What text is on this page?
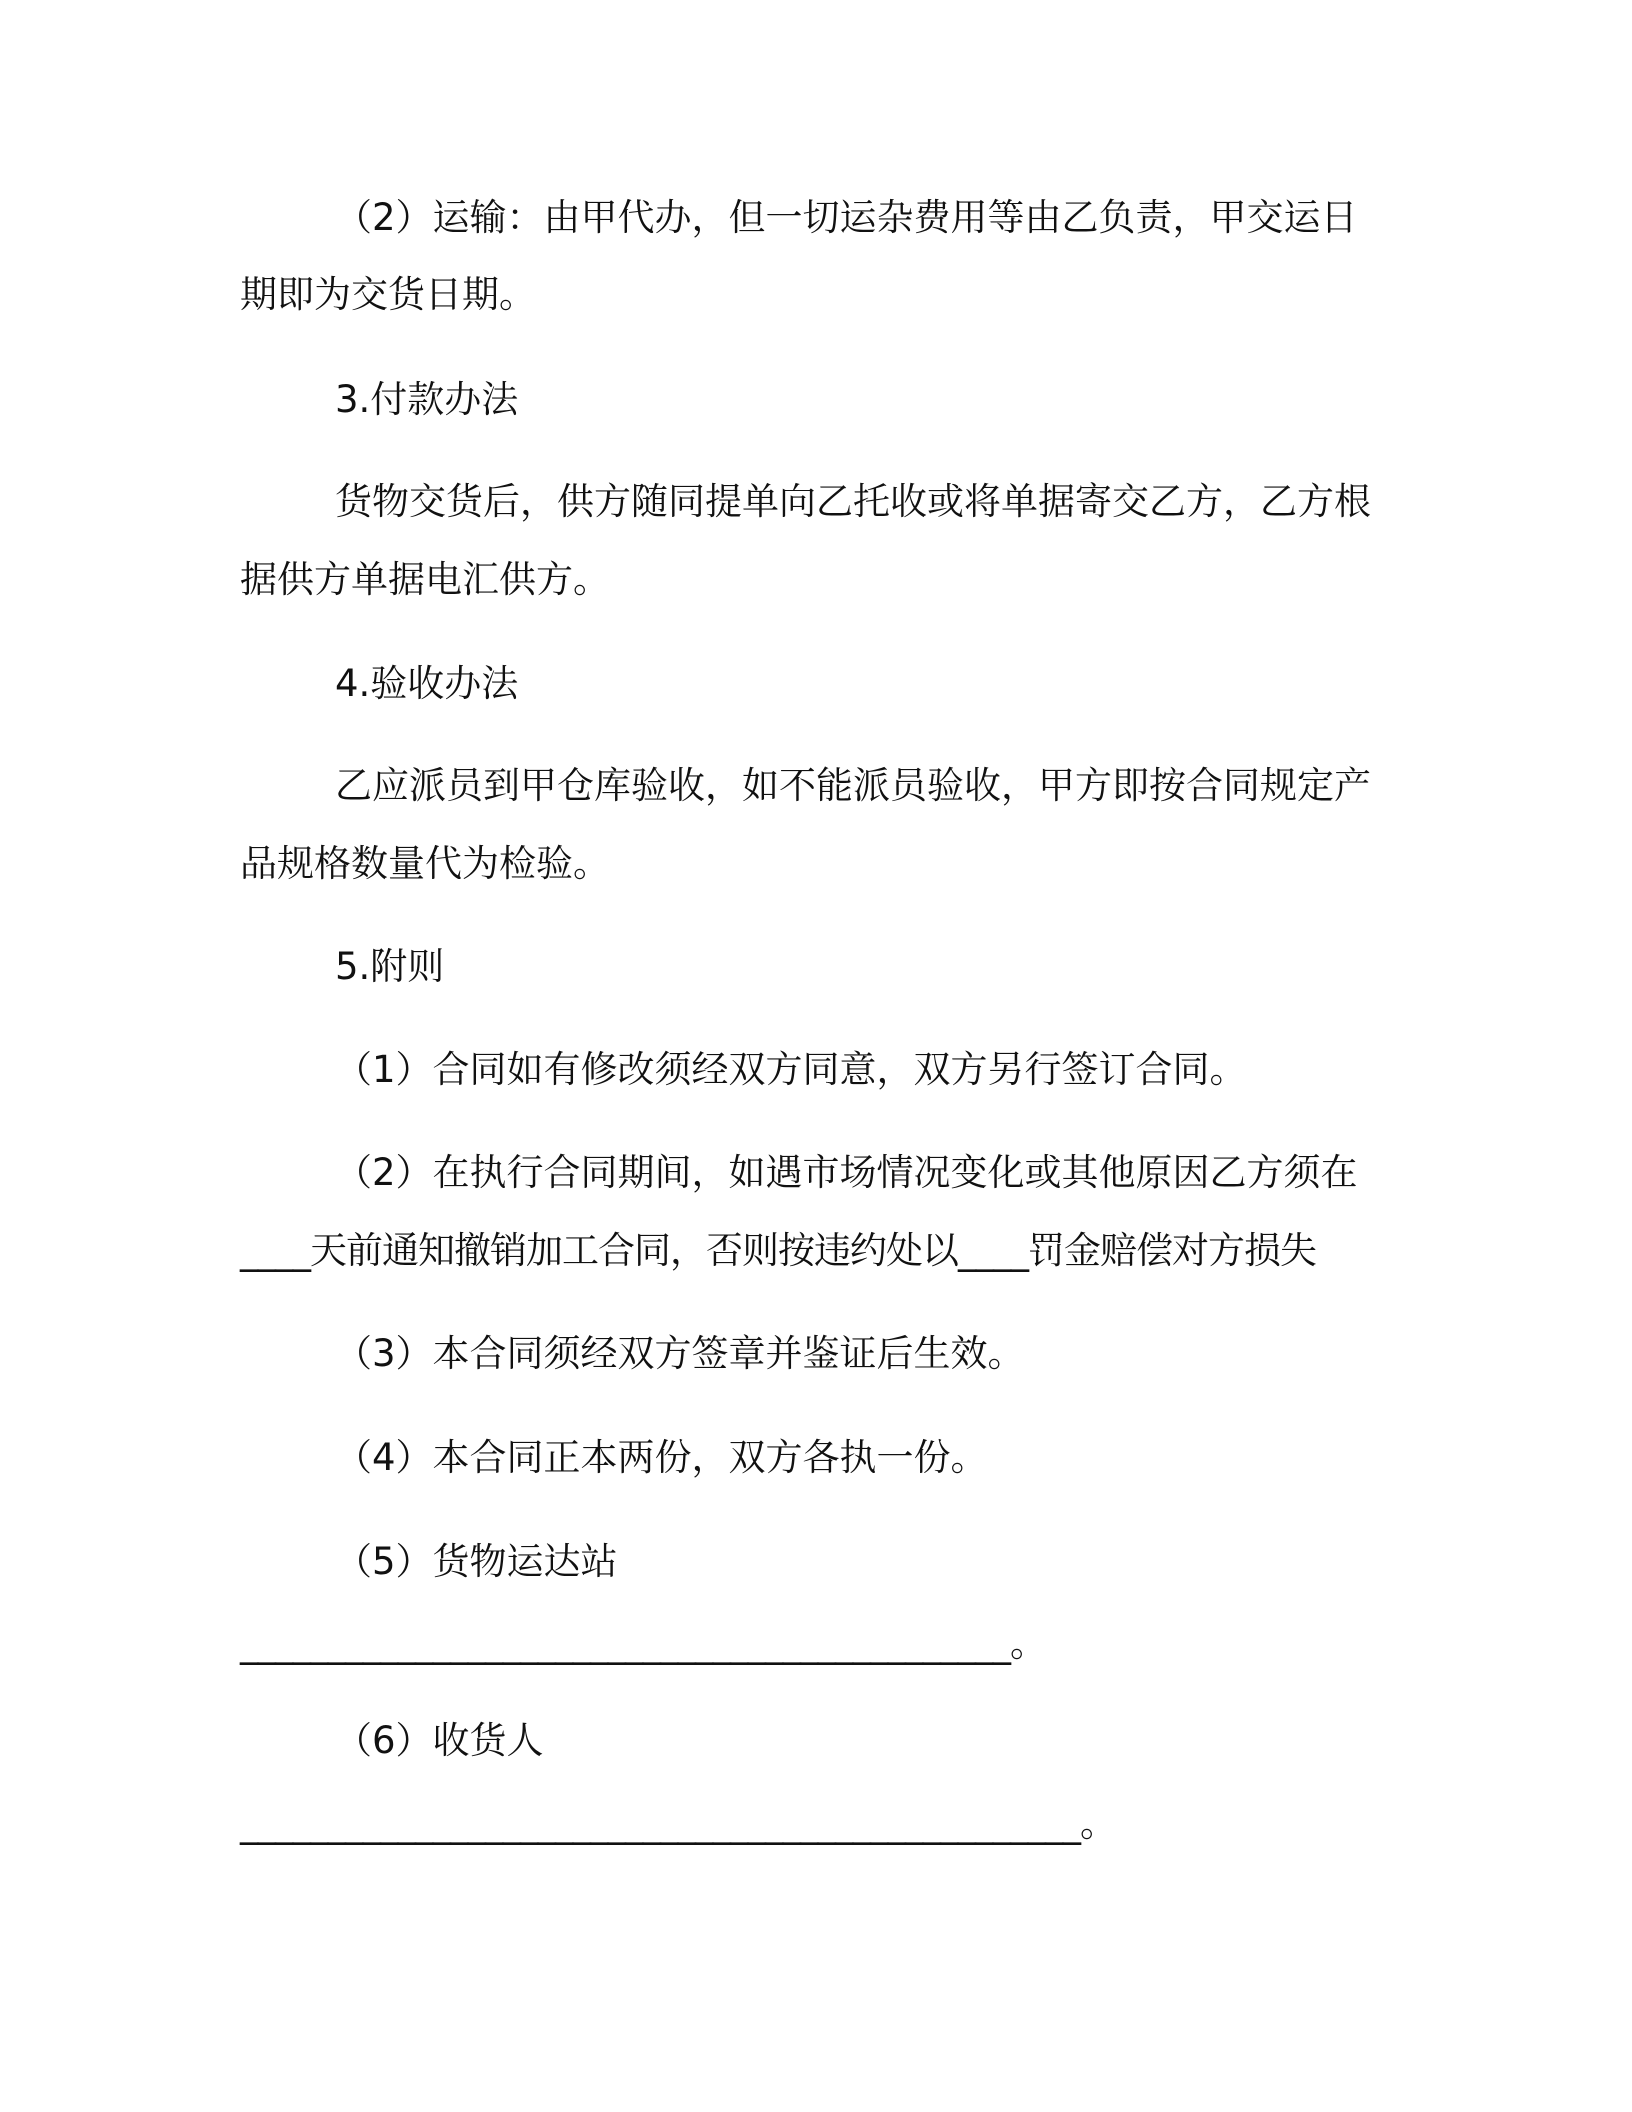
（2）运输：由甲代办，但一切运杂费用等由乙负责，甲交运日
期即为交货日期。
3.付款办法
货物交货后，供方随同提单向乙托收或将单据寄交乙方，乙方根
据供方单据电汇供方。
4.验收办法
乙应派员到甲仓库验收，如不能派员验收，甲方即按合同规定产
品规格数量代为检验。
5.附则
（1）合同如有修改须经双方同意，双方另行签订合同。
（2）在执行合同期间，如遇市场情况变化或其他原因乙方须在
____天前通知撤销加工合同，否则按违约处以____罚金赔偿对方损失
（3）本合同须经双方签章并鉴证后生效。
（4）本合同正本两份，双方各执一份。
（5）货物运达站
____________________________________________。
（6）收货人
________________________________________________。
